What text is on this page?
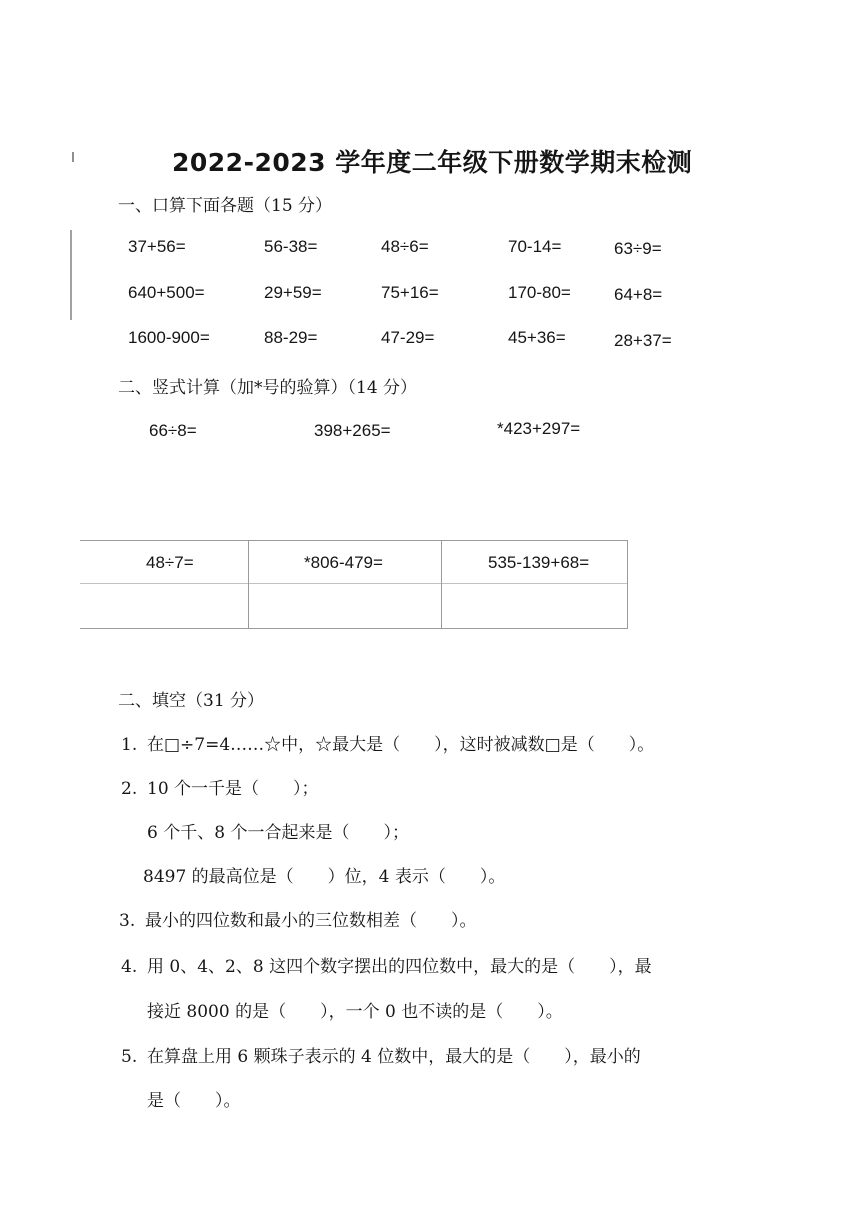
2022-2023 学年度二年级下册数学期末检测
一、口算下面各题（15 分）
37+56=	56-38=	48÷6=	70-14=	63÷9=
640+500=	29+59=	75+16=	170-80=	64+8=
1600-900=	88-29=	47-29=	45+36=	28+37=
二、竖式计算（加*号的验算）（14 分）
66÷8=	398+265=	*423+297=
48÷7=	*806-479=	535-139+68=
二、填空（31 分）
1. 在□÷7=4……☆中，☆最大是（　　），这时被减数□是（　　）。
2. 10 个一千是（　　）；
6 个千、8 个一合起来是（　　）；
8497 的最高位是（　　）位，4 表示（　　）。
3. 最小的四位数和最小的三位数相差（　　）。
4. 用 0、4、2、8 这四个数字摆出的四位数中，最大的是（　　），最
接近 8000 的是（　　），一个 0 也不读的是（　　）。
5. 在算盘上用 6 颗珠子表示的 4 位数中，最大的是（　　），最小的
是（　　）。
